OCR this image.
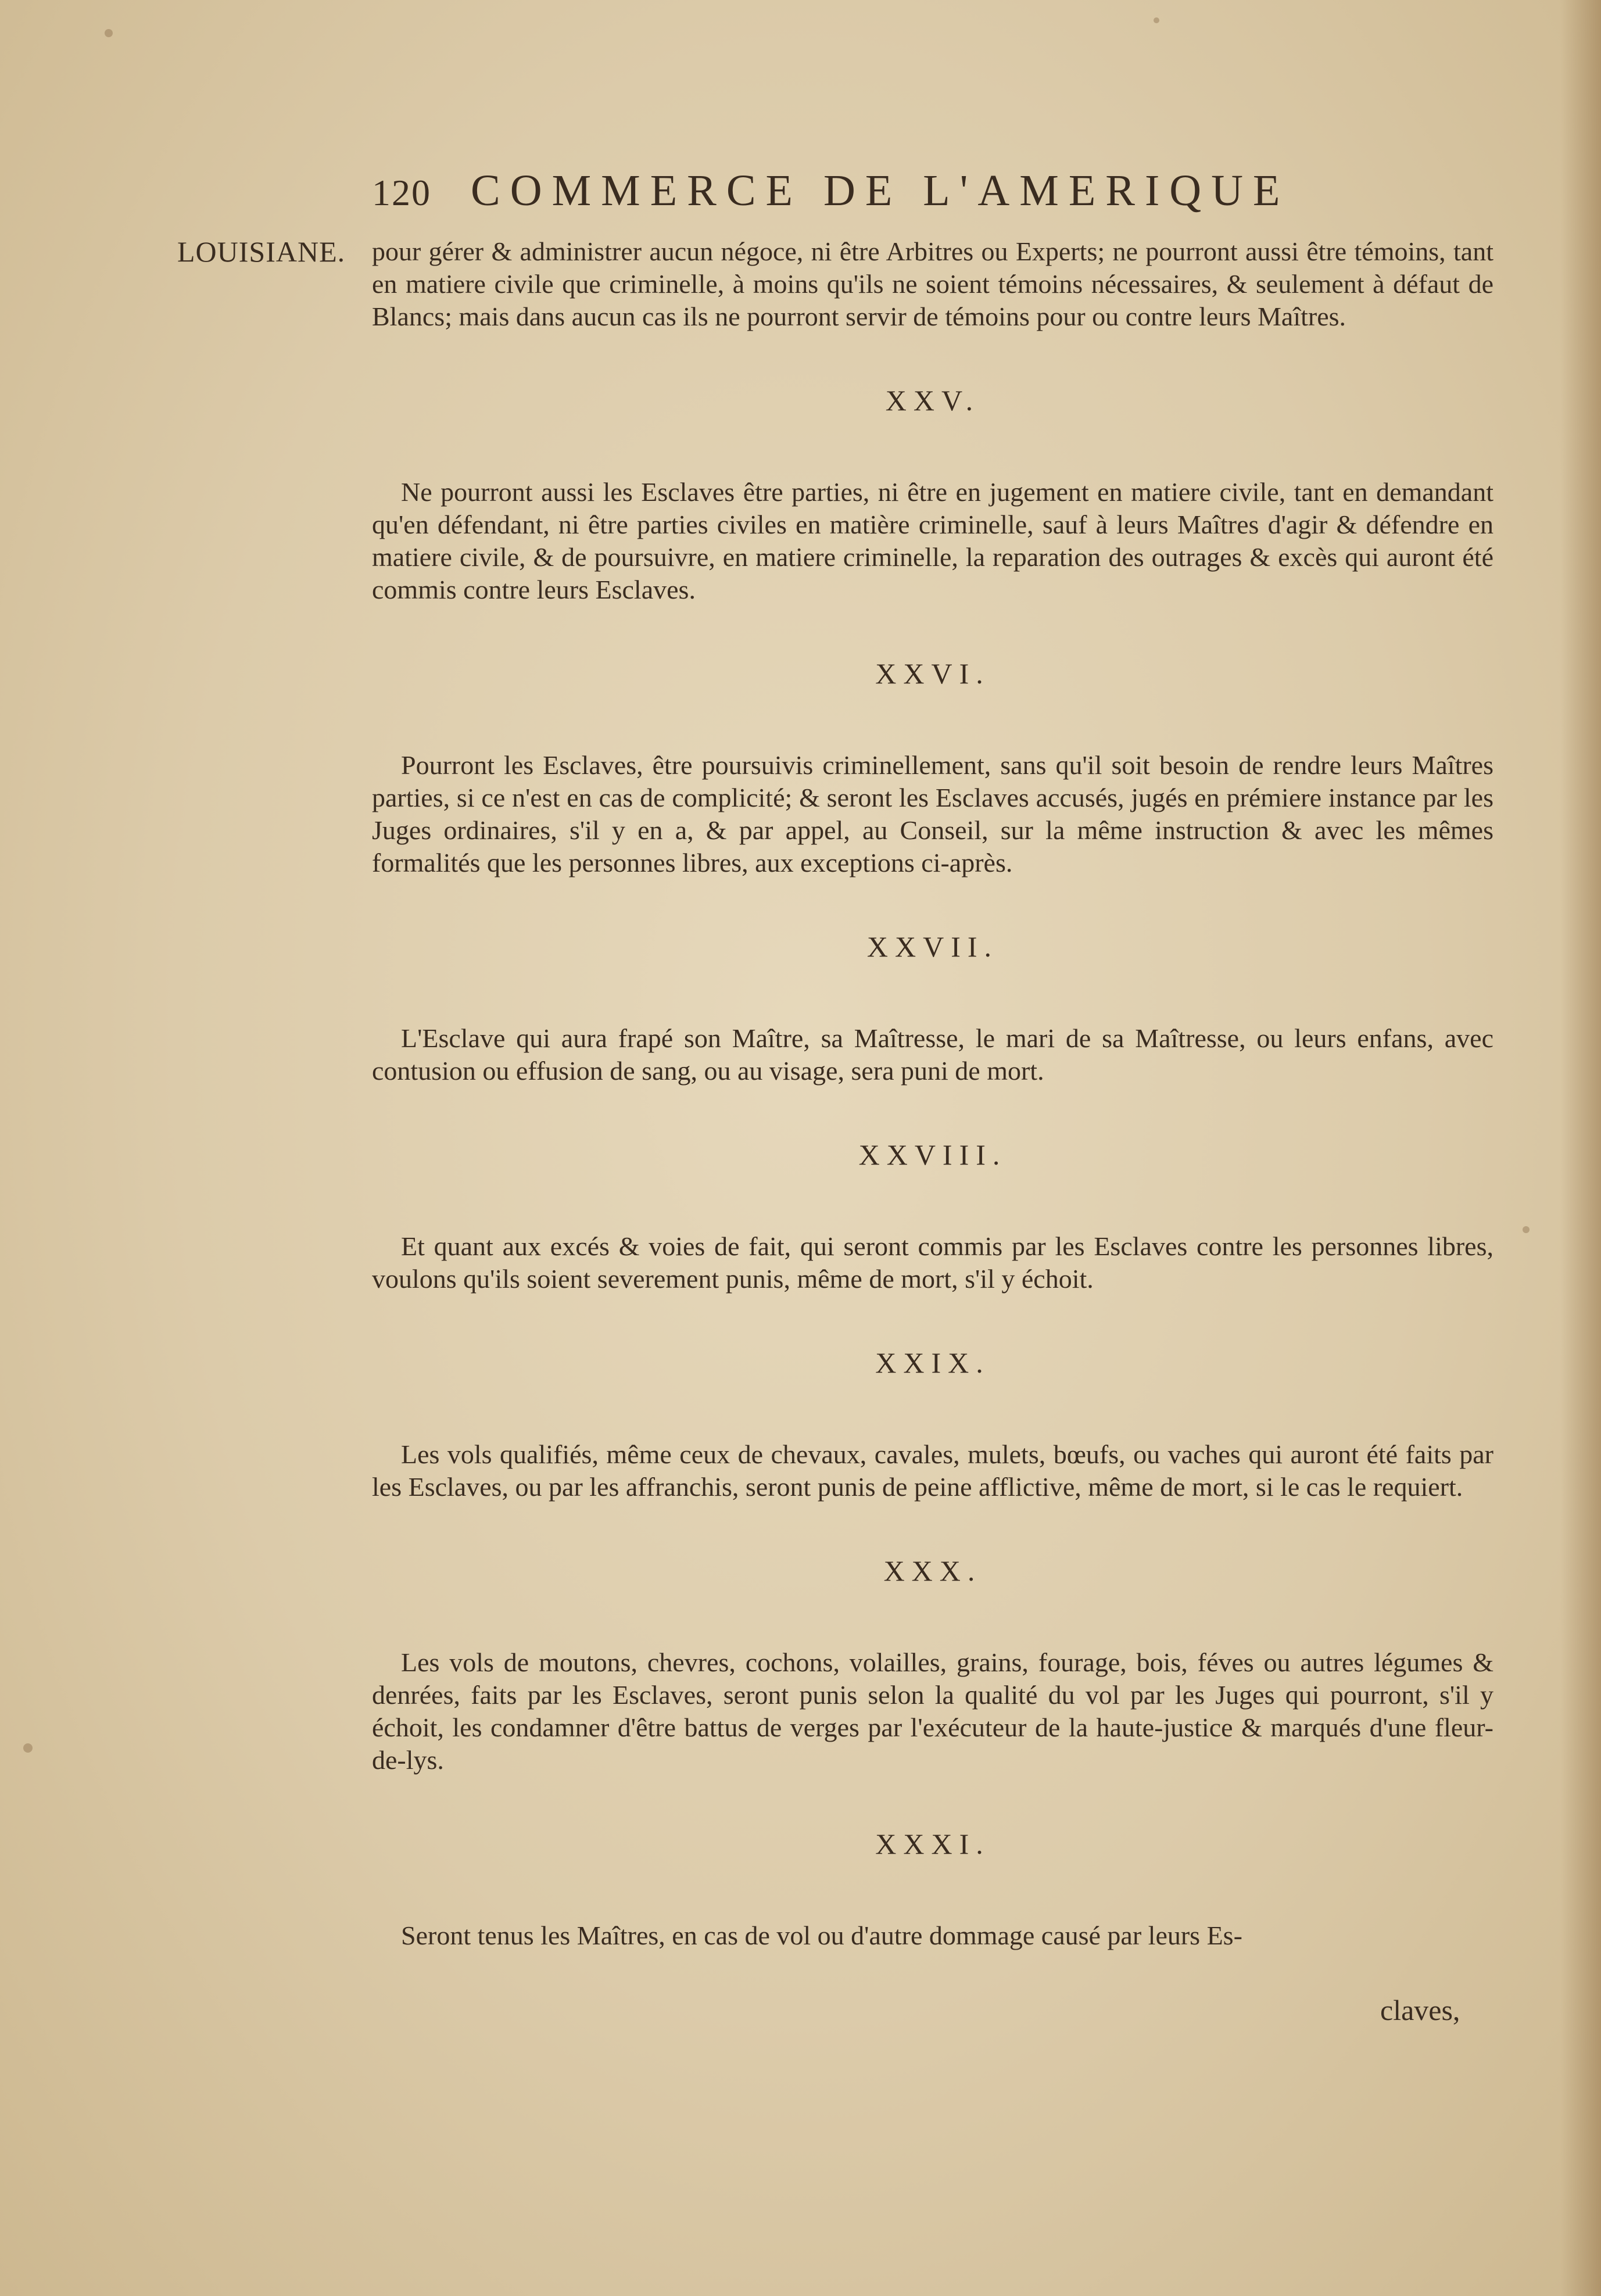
120 COMMERCE DE L'AMERIQUE
LOUISIANE. pour gérer & administrer aucun négoce, ni être Arbitres ou Experts; ne pourront aussi être témoins, tant en matiere civile que criminelle, à moins qu'ils ne soient témoins nécessaires, & seulement à défaut de Blancs; mais dans aucun cas ils ne pourront servir de témoins pour ou contre leurs Maîtres.

XXV.

Ne pourront aussi les Esclaves être parties, ni être en jugement en matiere civile, tant en demandant qu'en défendant, ni être parties civiles en matière criminelle, sauf à leurs Maîtres d'agir & défendre en matiere civile, & de poursuivre, en matiere criminelle, la reparation des outrages & excès qui auront été commis contre leurs Esclaves.

XXVI.

Pourront les Esclaves, être poursuivis criminellement, sans qu'il soit besoin de rendre leurs Maîtres parties, si ce n'est en cas de complicité; & seront les Esclaves accusés, jugés en prémiere instance par les Juges ordinaires, s'il y en a, & par appel, au Conseil, sur la même instruction & avec les mêmes formalités que les personnes libres, aux exceptions ci-après.

XXVII.

L'Esclave qui aura frapé son Maître, sa Maîtresse, le mari de sa Maîtresse, ou leurs enfans, avec contusion ou effusion de sang, ou au visage, sera puni de mort.

XXVIII.

Et quant aux excés & voies de fait, qui seront commis par les Esclaves contre les personnes libres, voulons qu'ils soient severement punis, même de mort, s'il y échoit.

XXIX.

Les vols qualifiés, même ceux de chevaux, cavales, mulets, bœufs, ou vaches qui auront été faits par les Esclaves, ou par les affranchis, seront punis de peine afflictive, même de mort, si le cas le requiert.

XXX.

Les vols de moutons, chevres, cochons, volailles, grains, fourage, bois, féves ou autres légumes & denrées, faits par les Esclaves, seront punis selon la qualité du vol par les Juges qui pourront, s'il y échoit, les condamner d'être battus de verges par l'exécuteur de la haute-justice & marqués d'une fleur-de-lys.

XXXI.

Seront tenus les Maîtres, en cas de vol ou d'autre dommage causé par leurs Es-

claves,
